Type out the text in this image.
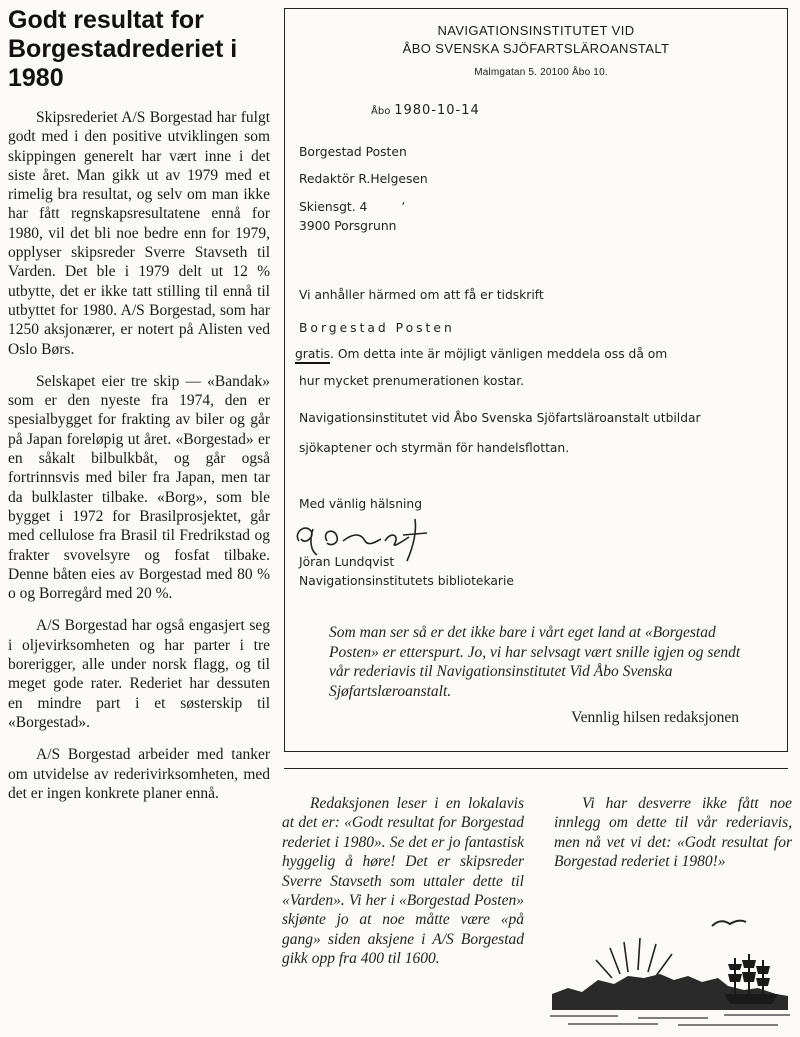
Godt resultat for Borgestadrederiet i 1980

Skipsrederiet A/S Borgestad har fulgt godt med i den positive utviklingen som skippingen generelt har vært inne i det siste året. Man gikk ut av 1979 med et rimelig bra resultat, og selv om man ikke har fått regnskapsresultatene ennå for 1980, vil det bli noe bedre enn for 1979, opplyser skipsreder Sverre Stavseth til Varden. Det ble i 1979 delt ut 12 % utbytte, det er ikke tatt stilling til ennå til utbyttet for 1980. A/S Borgestad, som har 1250 aksjonærer, er notert på Alisten ved Oslo Børs.

Selskapet eier tre skip — «Bandak» som er den nyeste fra 1974, den er spesialbygget for frakting av biler og går på Japan foreløpig ut året. «Borgestad» er en såkalt bilbulkbåt, og går også fortrinnsvis med biler fra Japan, men tar da bulklaster tilbake. «Borg», som ble bygget i 1972 for Brasilprosjektet, går med cellulose fra Brasil til Fredrikstad og frakter svovelsyre og fosfat tilbake. Denne båten eies av Borgestad med 80 % o og Borregård med 20 %.

A/S Borgestad har også engasjert seg i oljevirksomheten og har parter i tre borerigger, alle under norsk flagg, og til meget gode rater. Rederiet har dessuten en mindre part i et søsterskip til «Borgestad».

A/S Borgestad arbeider med tanker om utvidelse av rederivirksomheten, med det er ingen konkrete planer ennå.

NAVIGATIONSINSTITUTET VID
ÅBO SVENSKA SJÖFARTSLÄROANSTALT
Malmgatan 5. 20100 Åbo 10.
Åbo 1980-10-14
Borgestad Posten
Redaktör R.Helgesen
Skiensgt. 4	ʼ
3900 Porsgrunn
Vi anhåller härmed om att få er tidskrift
Borgestad Posten
gratis. Om detta inte är möjligt vänligen meddela oss då om
hur mycket prenumerationen kostar.
Navigationsinstitutet vid Åbo Svenska Sjöfartsläroanstalt utbildar
sjökaptener och styrmän för handelsflottan.
Med vänlig hälsning
Jöran Lundqvist
Navigationsinstitutets bibliotekarie
Som man ser så er det ikke bare i vårt eget land at «Borgestad Posten» er etterspurt. Jo, vi har selvsagt vært snille igjen og sendt vår rederiavis til Navigationsinstitutet Vid Åbo Svenska Sjøfartslæroanstalt.
Vennlig hilsen redaksjonen

Redaksjonen leser i en lokalavis at det er: «Godt resultat for Borgestad rederiet i 1980». Se det er jo fantastisk hyggelig å høre! Det er skipsreder Sverre Stavseth som uttaler dette til «Varden». Vi her i «Borgestad Posten» skjønte jo at noe måtte være «på gang» siden aksjene i A/S Borgestad gikk opp fra 400 til 1600.

Vi har desverre ikke fått noe innlegg om dette til vår rederiavis, men nå vet vi det: «Godt resultat for Borgestad rederiet i 1980!»
